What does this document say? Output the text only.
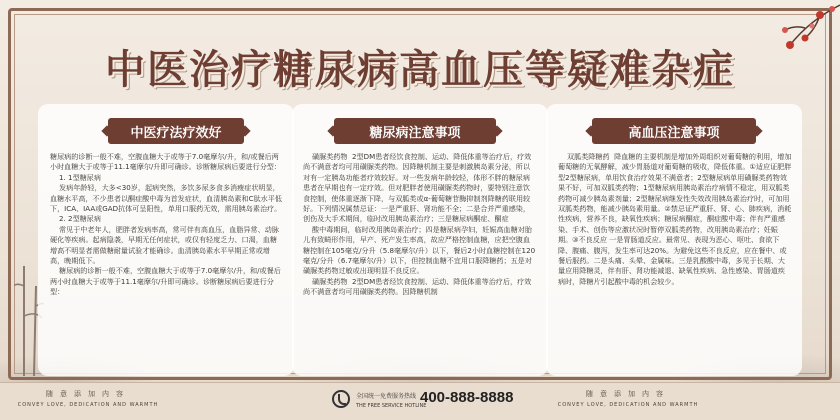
中医治疗糖尿病高血压等疑难杂症
中医疗法疗效好
糖尿病的诊断一般不难，空腹血糖大于或等于7.0毫摩尔/升，和/或餐后两小时血糖大于或等于11.1毫摩尔/升即可确诊。诊断糖尿病后要进行分型：
1. 1型糖尿病
发病年龄轻，大多<30岁，起病突然，多饮多尿多食多消瘦症状明显，血糖水平高，不少患者以酮症酸中毒为首发症状，血清胰岛素和C肽水平低下，ICA、IAA或GAD抗体可呈阳性，单用口服药无效，需用胰岛素治疗。
2. 2型糖尿病
常见于中老年人，肥胖者发病率高，常可伴有高血压，血脂异常、动脉硬化等疾病。起病隐袭，早期无任何症状，或仅有轻度乏力、口渴，血糖增高不明显者需做糖耐量试验才能确诊。血清胰岛素水平早期正常或增高，晚期低下。
糖尿病的诊断一般不难，空腹血糖大于或等于7.0毫摩尔/升，和/或餐后两小时血糖大于或等于11.1毫摩尔/升即可确诊。诊断糖尿病后要进行分型：
糖尿病注意事项
磺脲类药物  2型DM患者经饮食控制、运动、降低体重等治疗后，疗效尚不满意者均可用磺脲类药物。因降糖机制主要是刺激胰岛素分泌，所以对有一定胰岛功能者疗效较好。对一些发病年龄较轻，体形不胖的糖尿病患者在早期也有一定疗效。但对肥胖者使用磺脲类药物时，要特别注意饮食控制，使体重逐渐下降，与双胍类或α-葡萄糖苷酶抑制剂降糖药联用较好。下列情况属禁忌证：一是严重肝、肾功能不全；二是合并严重感染，创伤及大手术期间，临时改用胰岛素治疗；三是糖尿病酮症、酮症
酸中毒期间，临时改用胰岛素治疗；四是糖尿病孕妇，妊娠高血糖对胎儿有致畸形作用，早产、死产发生率高，故应严格控制血糖，应把空腹血糖控制在105毫克/分升（5.8毫摩尔/升）以下，餐后2小时血糖控制在120毫克/分升（6.7毫摩尔/升）以下，但控制血糖不宜用口服降糖药；五是对磺脲类药物过敏或出现明显不良反应。
磺脲类药物  2型DM患者经饮食控制、运动、降低体重等治疗后，疗效尚不满意者均可用磺脲类药物。因降糖机制
高血压注意事项
双胍类降糖药  降血糖的主要机制是增加外周组织对葡萄糖的利用，增加葡萄糖的无氧酵解，减少胃肠道对葡萄糖的吸收，降低体重。①适应证肥胖型2型糖尿病，单用饮食治疗效果不满意者；2型糖尿病单用磺脲类药物效果不好，可加双胍类药物；1型糖尿病用胰岛素治疗病情不稳定，用双胍类药物可减少胰岛素剂量；2型糖尿病继发性失效改用胰岛素治疗时，可加用双胍类药物，能减少胰岛素用量。②禁忌证严重肝、肾、心、肺疾病，消耗性疾病，营养不良，缺氧性疾病；糖尿病酮症，酮症酸中毒；伴有严重感染、手术、创伤等应激状况时暂停双胍类药物，改用胰岛素治疗；妊娠期。③不良反应 一是胃肠道反应。最常见、表现为恶心、呕吐、食欲下降、腹痛、腹泻，发生率可达20%。为避免这些不良反应，应在餐中、或餐后服药。二是头痛、头晕、金属味。三是乳酸酸中毒，多见于长期、大量应用降糖灵，伴有肝、肾功能减退、缺氧性疾病、急性感染、胃肠道疾病时，降糖片引起酸中毒的机会较少。
随意添加内容
CONVEY LOVE, DEDICATION AND WARMTH
全国统一免费服务热线
THE FREE SERVICE HOTLINE
400-888-8888	随意添加内容
CONVEY LOVE, DEDICATION AND WARMTH
